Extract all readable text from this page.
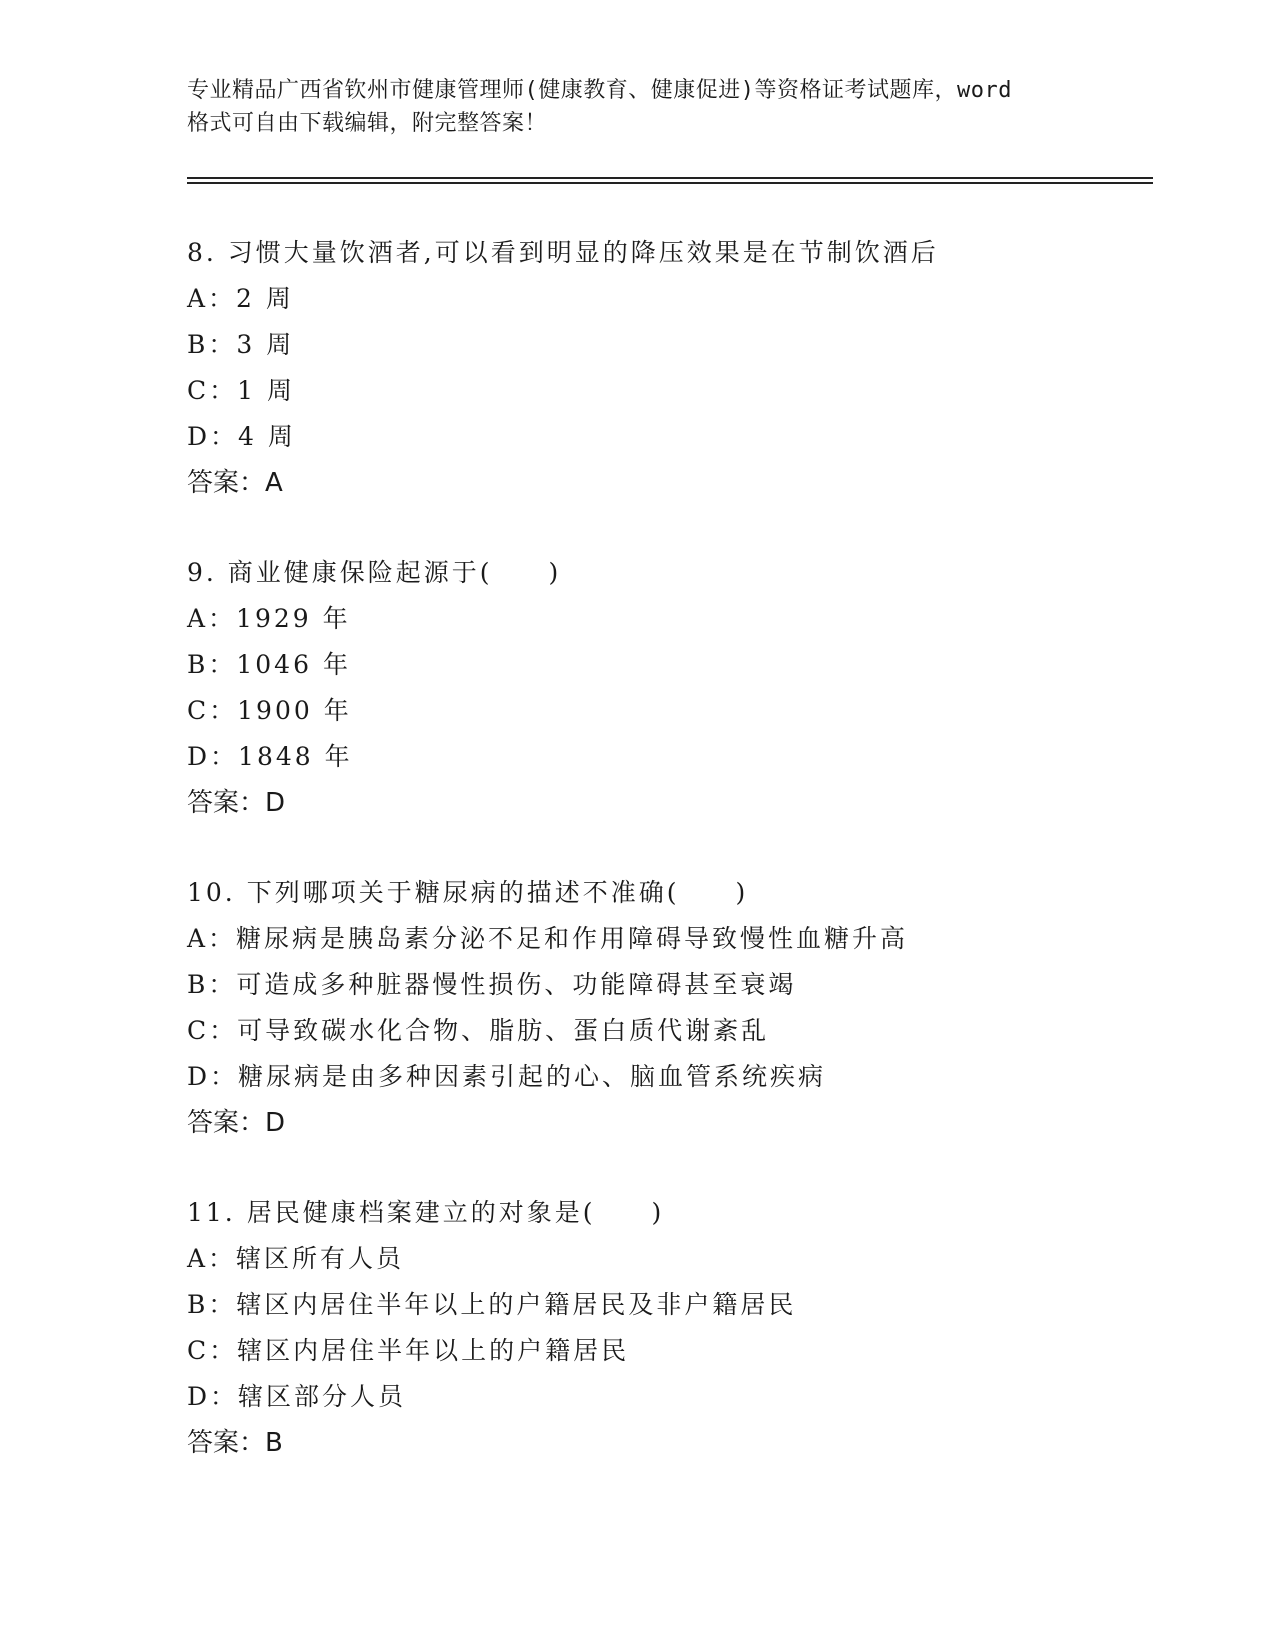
专业精品广西省钦州市健康管理师(健康教育、健康促进)等资格证考试题库，word
格式可自由下载编辑，附完整答案！
8. 习惯大量饮酒者,可以看到明显的降压效果是在节制饮酒后
A：2 周
B：3 周
C：1 周
D：4 周
答案：A
9. 商业健康保险起源于(　　)
A：1929 年
B：1046 年
C：1900 年
D：1848 年
答案：D
10. 下列哪项关于糖尿病的描述不准确(　　)
A：糖尿病是胰岛素分泌不足和作用障碍导致慢性血糖升高
B：可造成多种脏器慢性损伤、功能障碍甚至衰竭
C：可导致碳水化合物、脂肪、蛋白质代谢紊乱
D：糖尿病是由多种因素引起的心、脑血管系统疾病
答案：D
11. 居民健康档案建立的对象是(　　)
A：辖区所有人员
B：辖区内居住半年以上的户籍居民及非户籍居民
C：辖区内居住半年以上的户籍居民
D：辖区部分人员
答案：B
